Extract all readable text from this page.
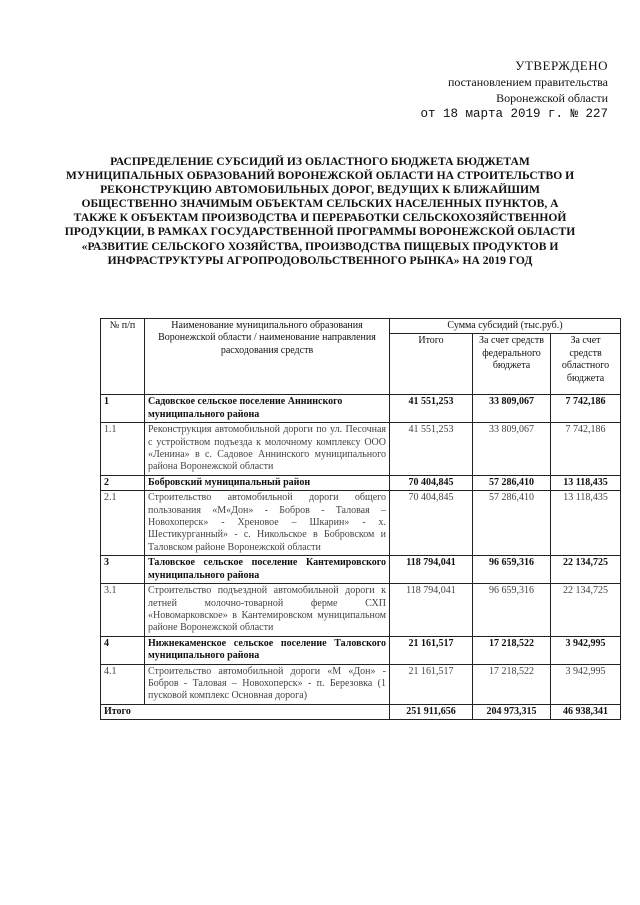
УТВЕРЖДЕНО
постановлением правительства
Воронежской области
от 18 марта 2019 г. № 227
РАСПРЕДЕЛЕНИЕ СУБСИДИЙ ИЗ ОБЛАСТНОГО БЮДЖЕТА БЮДЖЕТАМ МУНИЦИПАЛЬНЫХ ОБРАЗОВАНИЙ ВОРОНЕЖСКОЙ ОБЛАСТИ НА СТРОИТЕЛЬСТВО И РЕКОНСТРУКЦИЮ АВТОМОБИЛЬНЫХ ДОРОГ, ВЕДУЩИХ К БЛИЖАЙШИМ ОБЩЕСТВЕННО ЗНАЧИМЫМ ОБЪЕКТАМ СЕЛЬСКИХ НАСЕЛЕННЫХ ПУНКТОВ, А ТАКЖЕ К ОБЪЕКТАМ ПРОИЗВОДСТВА И ПЕРЕРАБОТКИ СЕЛЬСКОХОЗЯЙСТВЕННОЙ ПРОДУКЦИИ, В РАМКАХ ГОСУДАРСТВЕННОЙ ПРОГРАММЫ ВОРОНЕЖСКОЙ ОБЛАСТИ «РАЗВИТИЕ СЕЛЬСКОГО ХОЗЯЙСТВА, ПРОИЗВОДСТВА ПИЩЕВЫХ ПРОДУКТОВ И ИНФРАСТРУКТУРЫ АГРОПРОДОВОЛЬСТВЕННОГО РЫНКА» НА 2019 ГОД
№ п/п	Наименование муниципального образования Воронежской области / наименование направления расходования средств	Сумма субсидий (тыс.руб.)		
		Итого	За счет средств федерального бюджета	За счет средств областного бюджета
1	Садовское сельское поселение Аннинского муниципального района	41 551,253	33 809,067	7 742,186
1.1	Реконструкция автомобильной дороги по ул. Песочная с устройством подъезда к молочному комплексу ООО «Ленина» в с. Садовое Аннинского муниципального района Воронежской области	41 551,253	33 809,067	7 742,186
2	Бобровский муниципальный район	70 404,845	57 286,410	13 118,435
2.1	Строительство автомобильной дороги общего пользования «М«Дон» - Бобров - Таловая – Новохоперск» - Хреновое – Шкарин» - х. Шестикурганный» - с. Никольское в Бобровском и Таловском районе Воронежской области	70 404,845	57 286,410	13 118,435
3	Таловское сельское поселение Кантемировского муниципального района	118 794,041	96 659,316	22 134,725
3.1	Строительство подъездной автомобильной дороги к летней молочно-товарной ферме СХП «Новомарковское» в Кантемировском муниципальном районе Воронежской области	118 794,041	96 659,316	22 134,725
4	Нижнекаменское сельское поселение Таловского муниципального района	21 161,517	17 218,522	3 942,995
4.1	Строительство автомобильной дороги «М «Дон» - Бобров - Таловая – Новохоперск» - п. Березовка (1 пусковой комплекс Основная дорога)	21 161,517	17 218,522	3 942,995
Итого		251 911,656	204 973,315	46 938,341
